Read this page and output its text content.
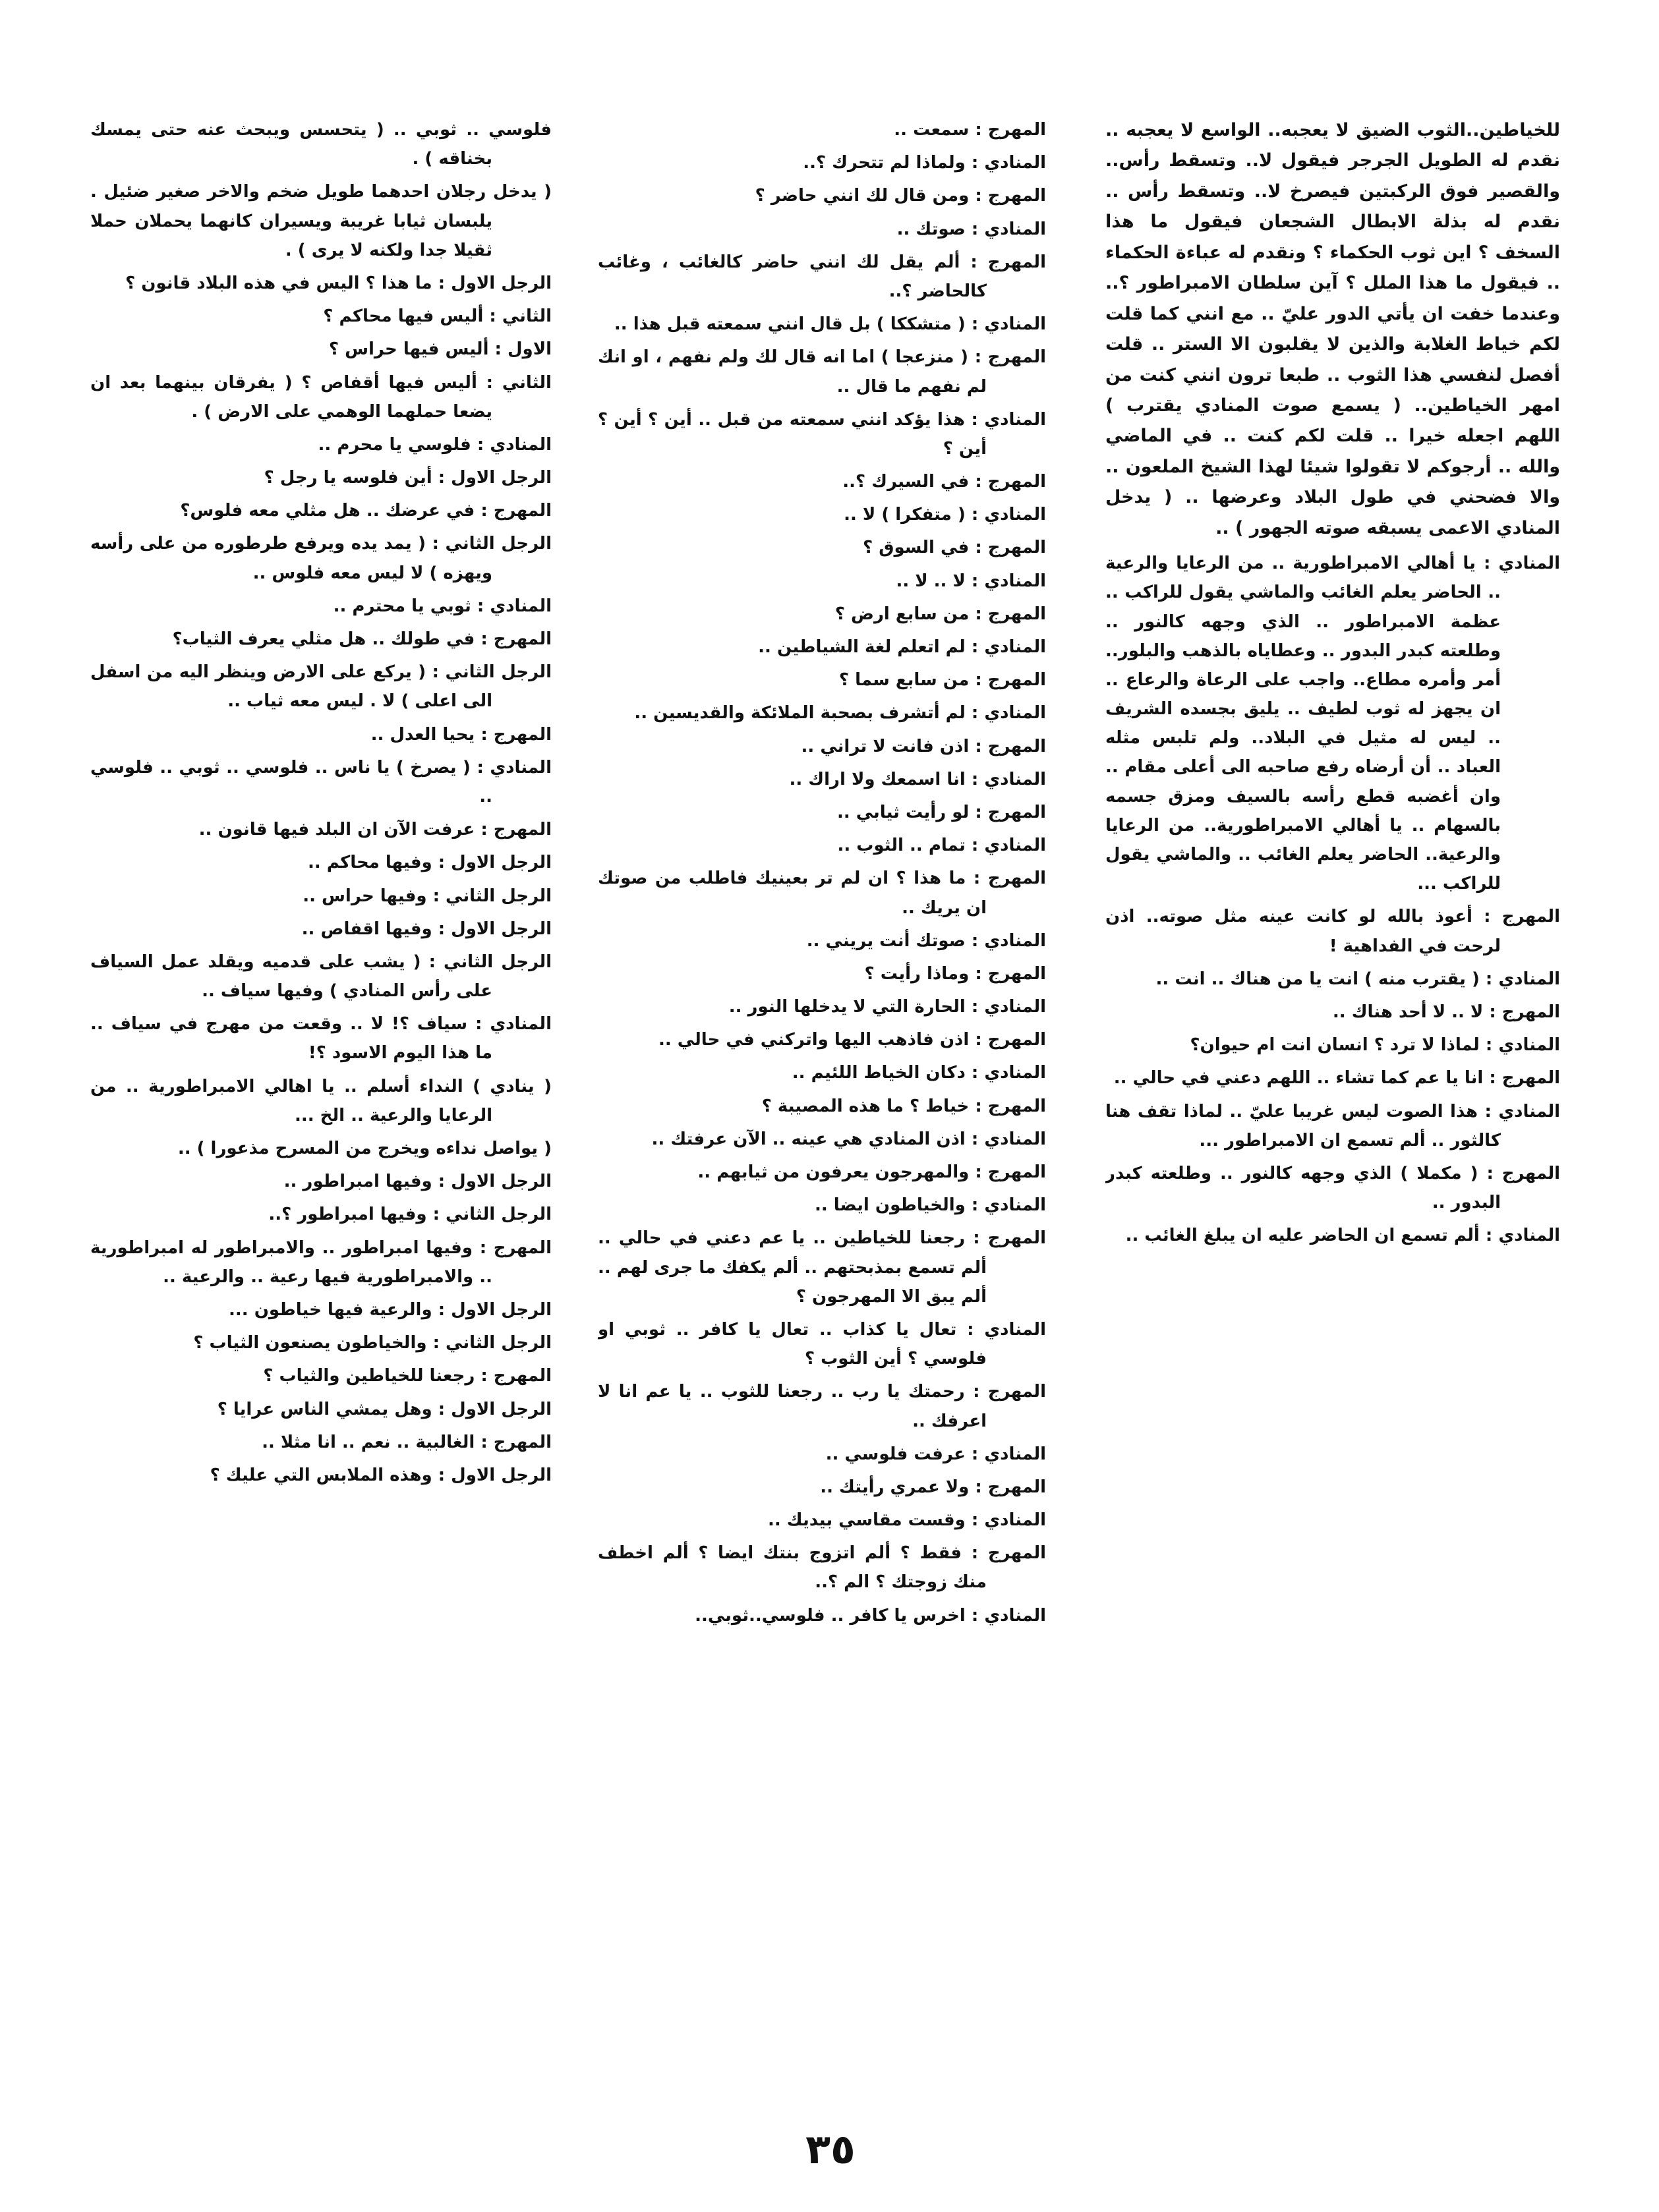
للخياطين..الثوب الضيق لا يعجبه.. الواسع لا يعجبه .. نقدم له الطويل الجرجر فيقول لا.. وتسقط رأس.. والقصير فوق الركبتين فيصرخ لا.. وتسقط رأس .. نقدم له بذلة الابطال الشجعان فيقول ما هذا السخف ؟ اين ثوب الحكماء ؟ ونقدم له عباءة الحكماء .. فيقول ما هذا الملل ؟ آين سلطان الامبراطور ؟.. وعندما خفت ان يأتي الدور عليّ .. مع انني كما قلت لكم خياط الغلابة والذين لا يقلبون الا الستر .. قلت أفصل لنفسي هذا الثوب .. طبعا ترون انني كنت من امهر الخياطين.. ( يسمع صوت المنادي يقترب ) اللهم اجعله خيرا .. قلت لكم كنت .. في الماضي والله .. أرجوكم لا تقولوا شيئا لهذا الشيخ الملعون .. والا فضحني في طول البلاد وعرضها .. ( يدخل المنادي الاعمى يسبقه صوته الجهور ) ..

المنادي : يا أهالي الامبراطورية .. من الرعايا والرعية .. الحاضر يعلم الغائب والماشي يقول للراكب .. عظمة الامبراطور .. الذي وجهه كالنور .. وطلعته كبدر البدور .. وعطاياه بالذهب والبلور.. أمر وأمره مطاع.. واجب على الرعاة والرعاع .. ان يجهز له ثوب لطيف .. يليق بجسده الشريف .. ليس له مثيل في البلاد.. ولم تلبس مثله العباد .. أن أرضاه رفع صاحبه الى أعلى مقام .. وان أغضبه قطع رأسه بالسيف ومزق جسمه بالسهام .. يا أهالي الامبراطورية.. من الرعايا والرعية.. الحاضر يعلم الغائب .. والماشي يقول للراكب ...

المهرج : أعوذ بالله لو كانت عينه مثل صوته.. اذن لرحت في الفداهية !

المنادي : ( يقترب منه ) انت يا من هناك .. انت ..

المهرج : لا .. لا أحد هناك ..

المنادي : لماذا لا ترد ؟ انسان انت ام حيوان؟

المهرج : انا يا عم كما تشاء .. اللهم دعني في حالي ..

المنادي : هذا الصوت ليس غريبا عليّ .. لماذا تقف هنا كالثور .. ألم تسمع ان الامبراطور ...

المهرج : ( مكملا ) الذي وجهه كالنور .. وطلعته كبدر البدور ..

المنادي : ألم تسمع ان الحاضر عليه ان يبلغ الغائب ..

المهرج : سمعت ..

المنادي : ولماذا لم تتحرك ؟..

المهرج : ومن قال لك انني حاضر ؟

المنادي : صوتك ..

المهرج : ألم يقل لك انني حاضر كالغائب ، وغائب كالحاضر ؟..

المنادي : ( متشككا ) بل قال انني سمعته قبل هذا ..

المهرج : ( منزعجا ) اما انه قال لك ولم نفهم ، او انك لم نفهم ما قال ..

المنادي : هذا يؤكد انني سمعته من قبل .. أين ؟ أين ؟ أين ؟

المهرج : في السيرك ؟..

المنادي : ( متفكرا ) لا ..

المهرج : في السوق ؟

المنادي : لا .. لا ..

المهرج : من سابع ارض ؟

المنادي : لم اتعلم لغة الشياطين ..

المهرج : من سابع سما ؟

المنادي : لم أتشرف بصحبة الملائكة والقديسين ..

المهرج : اذن فانت لا تراني ..

المنادي : انا اسمعك ولا اراك ..

المهرج : لو رأيت ثيابي ..

المنادي : تمام .. الثوب ..

المهرج : ما هذا ؟ ان لم تر بعينيك فاطلب من صوتك ان يريك ..

المنادي : صوتك أنت يريني ..

المهرج : وماذا رأيت ؟

المنادي : الحارة التي لا يدخلها النور ..

المهرج : اذن فاذهب اليها واتركني في حالي ..

المنادي : دكان الخياط اللئيم ..

المهرج : خياط ؟ ما هذه المصيبة ؟

المنادي : اذن المنادي هي عينه .. الآن عرفتك ..

المهرج : والمهرجون يعرفون من ثيابهم ..

المنادي : والخياطون ايضا ..

المهرج : رجعنا للخياطين .. يا عم دعني في حالي .. ألم تسمع بمذبحتهم .. ألم يكفك ما جرى لهم .. ألم يبق الا المهرجون ؟

المنادي : تعال يا كذاب .. تعال يا كافر .. ثوبي او فلوسي ؟ أين الثوب ؟

المهرج : رحمتك يا رب .. رجعنا للثوب .. يا عم انا لا اعرفك ..

المنادي : عرفت فلوسي ..

المهرج : ولا عمري رأيتك ..

المنادي : وقست مقاسي بيديك ..

المهرج : فقط ؟ ألم اتزوج بنتك ايضا ؟ ألم اخطف منك زوجتك ؟ الم ؟..

المنادي : اخرس يا كافر .. فلوسي..ثوبي..

فلوسي .. ثوبي .. ( يتحسس ويبحث عنه حتى يمسك بخناقه ) .

( يدخل رجلان احدهما طويل ضخم والاخر صغير ضئيل . يلبسان ثيابا غريبة ويسيران كانهما يحملان حملا ثقيلا جدا ولكنه لا يرى ) .

الرجل الاول : ما هذا ؟ اليس في هذه البلاد قانون ؟

الثاني : أليس فيها محاكم ؟

الاول : أليس فيها حراس ؟

الثاني : أليس فيها أقفاص ؟ ( يفرقان بينهما بعد ان يضعا حملهما الوهمي على الارض ) .

المنادي : فلوسي يا محرم ..

الرجل الاول : أين فلوسه يا رجل ؟

المهرج : في عرضك .. هل مثلي معه فلوس؟

الرجل الثاني : ( يمد يده ويرفع طرطوره من على رأسه ويهزه ) لا ليس معه فلوس ..

المنادي : ثوبي يا محترم ..

المهرج : في طولك .. هل مثلي يعرف الثياب؟

الرجل الثاني : ( يركع على الارض وينظر اليه من اسفل الى اعلى ) لا . ليس معه ثياب ..

المهرج : يحيا العدل ..

المنادي : ( يصرخ ) يا ناس .. فلوسي .. ثوبي .. فلوسي ..

المهرج : عرفت الآن ان البلد فيها قانون ..

الرجل الاول : وفيها محاكم ..

الرجل الثاني : وفيها حراس ..

الرجل الاول : وفيها اقفاص ..

الرجل الثاني : ( يشب على قدميه ويقلد عمل السياف على رأس المنادي ) وفيها سياف ..

المنادي : سياف ؟! لا .. وقعت من مهرج في سياف .. ما هذا اليوم الاسود ؟!

( ينادي ) النداء أسلم .. يا اهالي الامبراطورية .. من الرعايا والرعية .. الخ ...

( يواصل نداءه ويخرج من المسرح مذعورا ) ..

الرجل الاول : وفيها امبراطور ..

الرجل الثاني : وفيها امبراطور ؟..

المهرج : وفيها امبراطور .. والامبراطور له امبراطورية .. والامبراطورية فيها رعية .. والرعية ..

الرجل الاول : والرعية فيها خياطون ...

الرجل الثاني : والخياطون يصنعون الثياب ؟

المهرج : رجعنا للخياطين والثياب ؟

الرجل الاول : وهل يمشي الناس عرايا ؟

المهرج : الغالبية .. نعم .. انا مثلا ..

الرجل الاول : وهذه الملابس التي عليك ؟

٣٥
